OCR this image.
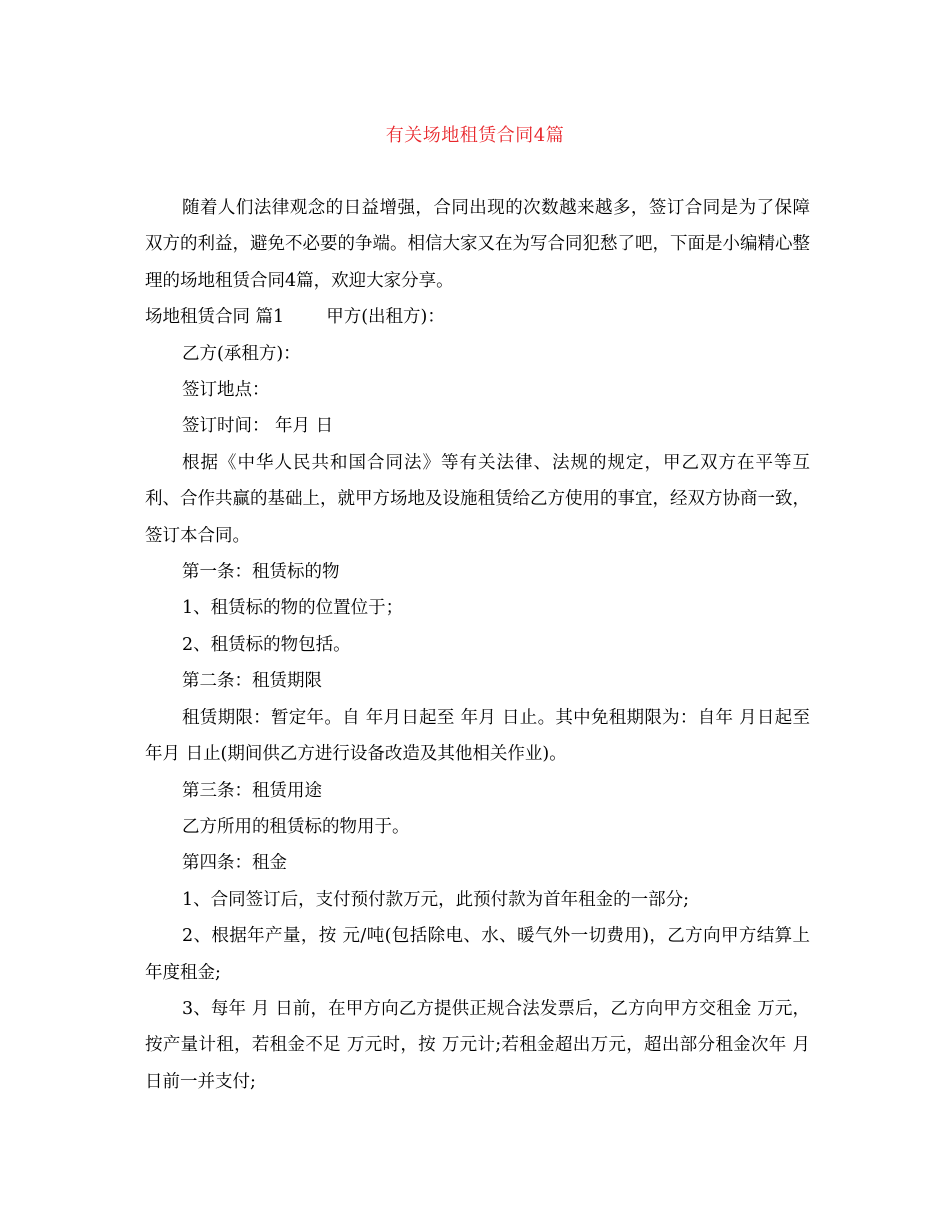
有关场地租赁合同4篇

随着人们法律观念的日益增强，合同出现的次数越来越多，签订合同是为了保障双方的利益，避免不必要的争端。相信大家又在为写合同犯愁了吧，下面是小编精心整理的场地租赁合同4篇，欢迎大家分享。

场地租赁合同 篇1 甲方(出租方)：

乙方(承租方)：

签订地点：

签订时间： 年月 日

根据《中华人民共和国合同法》等有关法律、法规的规定，甲乙双方在平等互利、合作共赢的基础上，就甲方场地及设施租赁给乙方使用的事宜，经双方协商一致，签订本合同。

第一条：租赁标的物

1、租赁标的物的位置位于；

2、租赁标的物包括。

第二条：租赁期限

租赁期限：暂定年。自 年月日起至 年月 日止。其中免租期限为：自年 月日起至年月 日止(期间供乙方进行设备改造及其他相关作业)。

第三条：租赁用途

乙方所用的租赁标的物用于。

第四条：租金

1、合同签订后，支付预付款万元，此预付款为首年租金的一部分;

2、根据年产量，按 元/吨(包括除电、水、暖气外一切费用)，乙方向甲方结算上年度租金;

3、每年 月 日前，在甲方向乙方提供正规合法发票后，乙方向甲方交租金 万元，按产量计租，若租金不足 万元时，按 万元计;若租金超出万元，超出部分租金次年 月 日前一并支付;
